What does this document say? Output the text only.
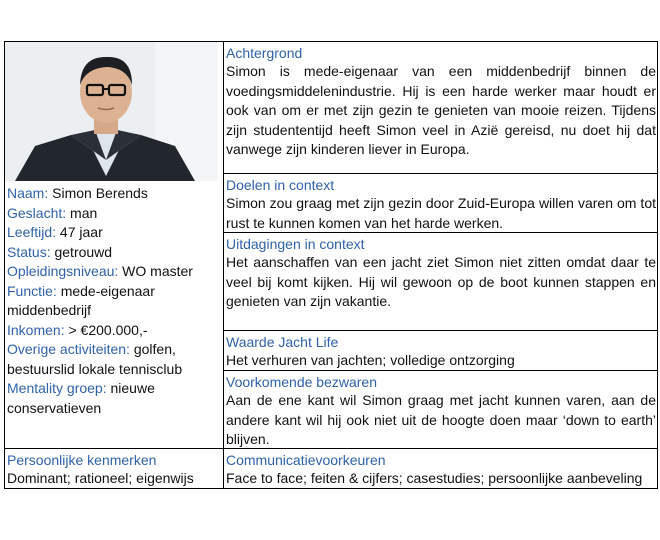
Naam: Simon Berends
Geslacht: man
Leeftijd: 47 jaar
Status: getrouwd
Opleidingsniveau: WO master
Functie: mede-eigenaar middenbedrijf
Inkomen: > €200.000,-
Overige activiteiten: golfen, bestuurslid lokale tennisclub
Mentality groep: nieuwe conservatieven
Achtergrond
Simon is mede-eigenaar van een middenbedrijf binnen de voedingsmiddelenindustrie. Hij is een harde werker maar houdt er ook van om er met zijn gezin te genieten van mooie reizen. Tijdens zijn studententijd heeft Simon veel in Azië gereisd, nu doet hij dat vanwege zijn kinderen liever in Europa.
Doelen in context
Simon zou graag met zijn gezin door Zuid-Europa willen varen om tot rust te kunnen komen van het harde werken.
Uitdagingen in context
Het aanschaffen van een jacht ziet Simon niet zitten omdat daar te veel bij komt kijken. Hij wil gewoon op de boot kunnen stappen en genieten van zijn vakantie.
Waarde Jacht Life
Het verhuren van jachten; volledige ontzorging
Voorkomende bezwaren
Aan de ene kant wil Simon graag met jacht kunnen varen, aan de andere kant wil hij ook niet uit de hoogte doen maar ‘down to earth’ blijven.
Persoonlijke kenmerken
Dominant; rationeel; eigenwijs
Communicatievoorkeuren
Face to face; feiten & cijfers; casestudies; persoonlijke aanbeveling
